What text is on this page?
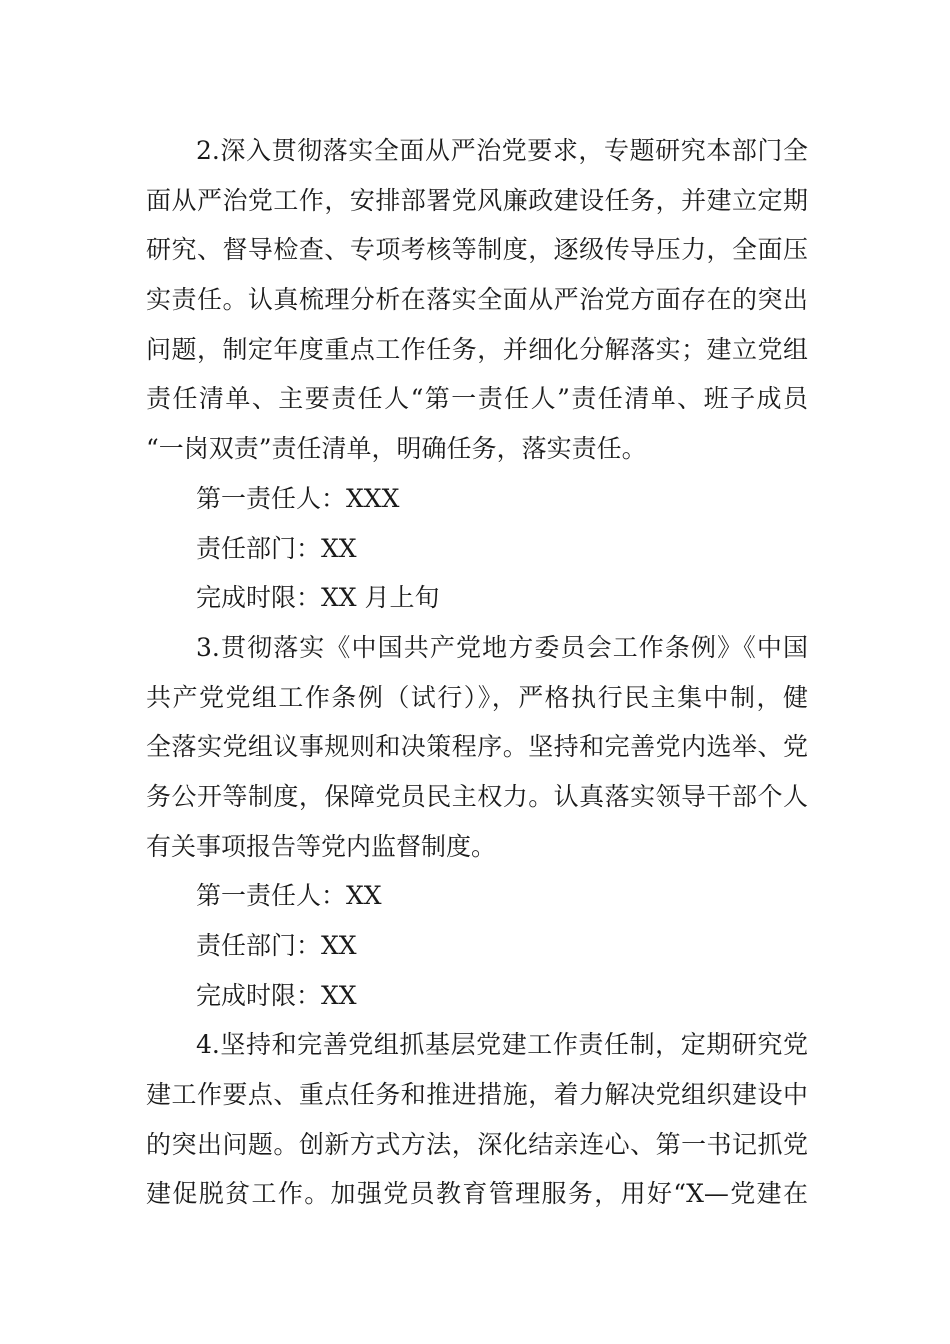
2.深入贯彻落实全面从严治党要求，专题研究本部门全
面从严治党工作，安排部署党风廉政建设任务，并建立定期
研究、督导检查、专项考核等制度，逐级传导压力，全面压
实责任。认真梳理分析在落实全面从严治党方面存在的突出
问题，制定年度重点工作任务，并细化分解落实；建立党组
责任清单、主要责任人“第一责任人”责任清单、班子成员
“一岗双责”责任清单，明确任务，落实责任。
第一责任人：XXX
责任部门：XX
完成时限：XX 月上旬
3.贯彻落实《中国共产党地方委员会工作条例》《中国
共产党党组工作条例（试行）》，严格执行民主集中制，健
全落实党组议事规则和决策程序。坚持和完善党内选举、党
务公开等制度，保障党员民主权力。认真落实领导干部个人
有关事项报告等党内监督制度。
第一责任人：XX
责任部门：XX
完成时限：XX
4.坚持和完善党组抓基层党建工作责任制，定期研究党
建工作要点、重点任务和推进措施，着力解决党组织建设中
的突出问题。创新方式方法，深化结亲连心、第一书记抓党
建促脱贫工作。加强党员教育管理服务，用好“X—党建在
